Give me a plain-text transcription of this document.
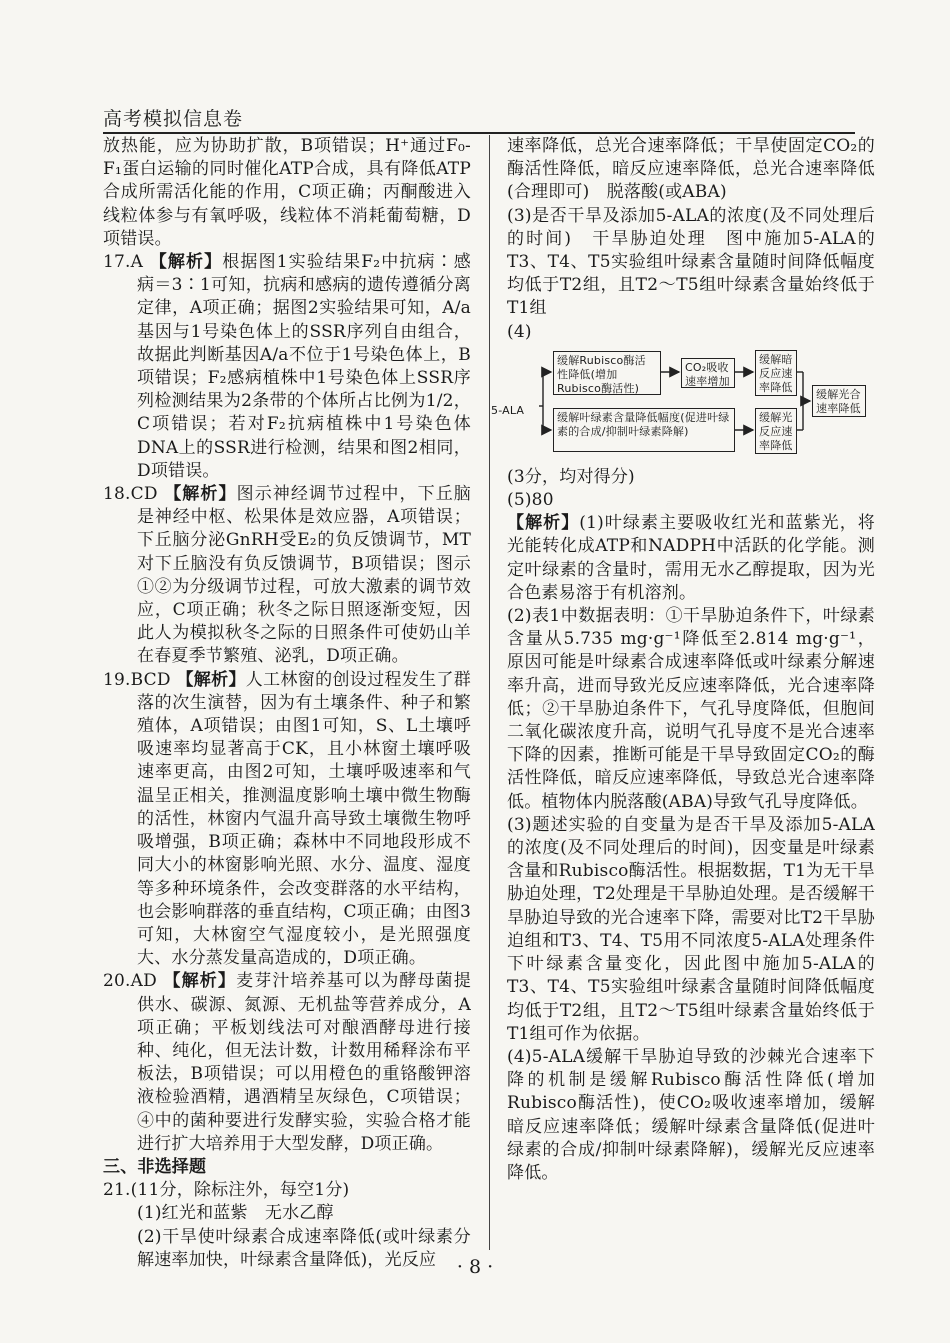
高考模拟信息卷

放热能，应为协助扩散，B项错误；H⁺通过F₀-F₁蛋白运输的同时催化ATP合成，具有降低ATP合成所需活化能的作用，C项正确；丙酮酸进入线粒体参与有氧呼吸，线粒体不消耗葡萄糖，D项错误。

17.A 【解析】根据图1实验结果F₂中抗病∶感病＝3∶1可知，抗病和感病的遗传遵循分离定律，A项正确；据图2实验结果可知，A/a基因与1号染色体上的SSR序列自由组合，故据此判断基因A/a不位于1号染色体上，B项错误；F₂感病植株中1号染色体上SSR序列检测结果为2条带的个体所占比例为1/2，C项错误；若对F₂抗病植株中1号染色体DNA上的SSR进行检测，结果和图2相同，D项错误。

18.CD 【解析】图示神经调节过程中，下丘脑是神经中枢、松果体是效应器，A项错误；下丘脑分泌GnRH受E₂的负反馈调节，MT对下丘脑没有负反馈调节，B项错误；图示①②为分级调节过程，可放大激素的调节效应，C项正确；秋冬之际日照逐渐变短，因此人为模拟秋冬之际的日照条件可使奶山羊在春夏季节繁殖、泌乳，D项正确。

19.BCD 【解析】人工林窗的创设过程发生了群落的次生演替，因为有土壤条件、种子和繁殖体，A项错误；由图1可知，S、L土壤呼吸速率均显著高于CK，且小林窗土壤呼吸速率更高，由图2可知，土壤呼吸速率和气温呈正相关，推测温度影响土壤中微生物酶的活性，林窗内气温升高导致土壤微生物呼吸增强，B项正确；森林中不同地段形成不同大小的林窗影响光照、水分、温度、湿度等多种环境条件，会改变群落的水平结构，也会影响群落的垂直结构，C项正确；由图3可知，大林窗空气湿度较小，是光照强度大、水分蒸发量高造成的，D项正确。

20.AD 【解析】麦芽汁培养基可以为酵母菌提供水、碳源、氮源、无机盐等营养成分，A项正确；平板划线法可对酿酒酵母进行接种、纯化，但无法计数，计数用稀释涂布平板法，B项错误；可以用橙色的重铬酸钾溶液检验酒精，遇酒精呈灰绿色，C项错误；④中的菌种要进行发酵实验，实验合格才能进行扩大培养用于大型发酵，D项正确。

三、非选择题

21.(11分，除标注外，每空1分)

(1)红光和蓝紫　无水乙醇

(2)干旱使叶绿素合成速率降低(或叶绿素分解速率加快，叶绿素含量降低)，光反应

速率降低，总光合速率降低；干旱使固定CO₂的酶活性降低，暗反应速率降低，总光合速率降低(合理即可)　脱落酸(或ABA)

(3)是否干旱及添加5-ALA的浓度(及不同处理后的时间)　干旱胁迫处理　图中施加5-ALA的T3、T4、T5实验组叶绿素含量随时间降低幅度均低于T2组，且T2～T5组叶绿素含量始终低于T1组

(4)

5-ALA
缓解Rubisco酶活性降低(增加Rubisco酶活性)
CO₂吸收速率增加
缓解暗反应速率降低
缓解叶绿素含量降低幅度(促进叶绿素的合成/抑制叶绿素降解)
缓解光反应速率降低
缓解光合速率降低

(3分，均对得分)

(5)80

【解析】(1)叶绿素主要吸收红光和蓝紫光，将光能转化成ATP和NADPH中活跃的化学能。测定叶绿素的含量时，需用无水乙醇提取，因为光合色素易溶于有机溶剂。

(2)表1中数据表明：①干旱胁迫条件下，叶绿素含量从5.735 mg·g⁻¹降低至2.814 mg·g⁻¹，原因可能是叶绿素合成速率降低或叶绿素分解速率升高，进而导致光反应速率降低，光合速率降低；②干旱胁迫条件下，气孔导度降低，但胞间二氧化碳浓度升高，说明气孔导度不是光合速率下降的因素，推断可能是干旱导致固定CO₂的酶活性降低，暗反应速率降低，导致总光合速率降低。植物体内脱落酸(ABA)导致气孔导度降低。

(3)题述实验的自变量为是否干旱及添加5-ALA的浓度(及不同处理后的时间)，因变量是叶绿素含量和Rubisco酶活性。根据数据，T1为无干旱胁迫处理，T2处理是干旱胁迫处理。是否缓解干旱胁迫导致的光合速率下降，需要对比T2干旱胁迫组和T3、T4、T5用不同浓度5-ALA处理条件下叶绿素含量变化，因此图中施加5-ALA的T3、T4、T5实验组叶绿素含量随时间降低幅度均低于T2组，且T2～T5组叶绿素含量始终低于T1组可作为依据。

(4)5-ALA缓解干旱胁迫导致的沙棘光合速率下降的机制是缓解Rubisco酶活性降低(增加Rubisco酶活性)，使CO₂吸收速率增加，缓解暗反应速率降低；缓解叶绿素含量降低(促进叶绿素的合成/抑制叶绿素降解)，缓解光反应速率降低。

· 8 ·
